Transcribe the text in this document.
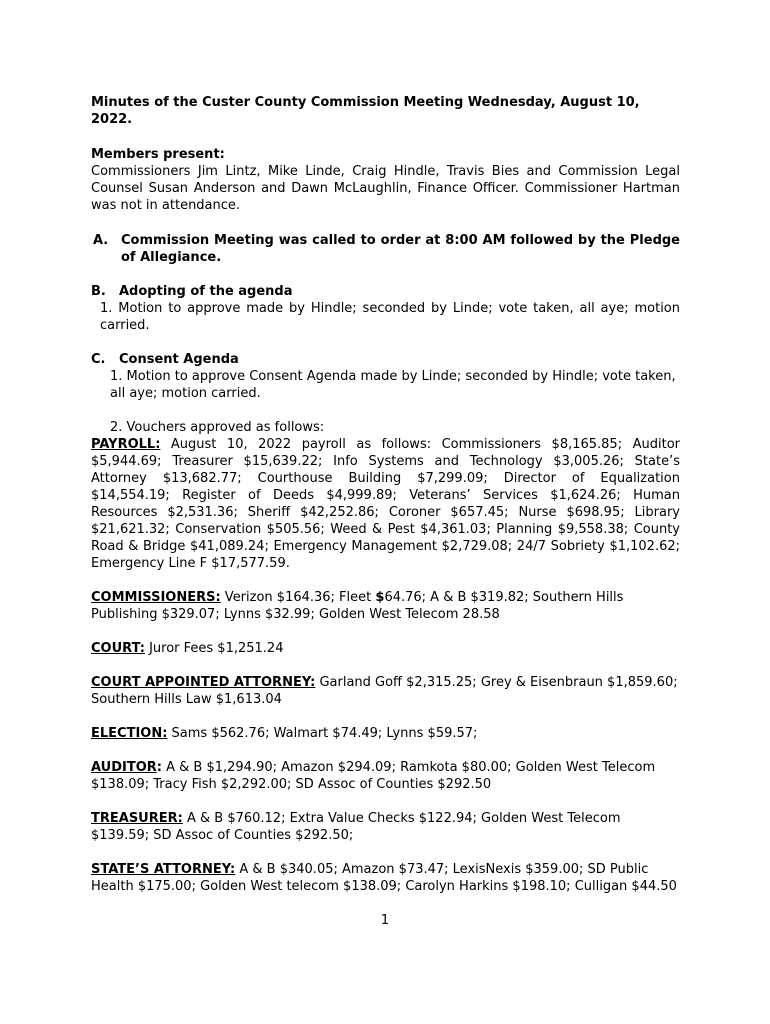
Minutes of the Custer County Commission Meeting Wednesday, August 10, 2022.

Members present:

Commissioners Jim Lintz, Mike Linde, Craig Hindle, Travis Bies and Commission Legal Counsel Susan Anderson and Dawn McLaughlin, Finance Officer. Commissioner Hartman was not in attendance.

A. Commission Meeting was called to order at 8:00 AM followed by the Pledge of Allegiance.
B.	Adopting of the agenda
1. Motion to approve made by Hindle; seconded by Linde; vote taken, all aye; motion carried.
C.	Consent Agenda
1. Motion to approve Consent Agenda made by Linde; seconded by Hindle; vote taken, all aye; motion carried.
2. Vouchers approved as follows:

PAYROLL: August 10, 2022 payroll as follows: Commissioners $8,165.85; Auditor $5,944.69; Treasurer $15,639.22; Info Systems and Technology $3,005.26; State’s Attorney $13,682.77; Courthouse Building $7,299.09; Director of Equalization $14,554.19; Register of Deeds $4,999.89; Veterans’ Services $1,624.26; Human Resources $2,531.36; Sheriff $42,252.86; Coroner $657.45; Nurse $698.95; Library $21,621.32; Conservation $505.56; Weed & Pest $4,361.03; Planning $9,558.38; County Road & Bridge $41,089.24; Emergency Management $2,729.08; 24/7 Sobriety $1,102.62; Emergency Line F $17,577.59.

COMMISSIONERS: Verizon $164.36; Fleet $64.76; A & B $319.82; Southern Hills Publishing $329.07; Lynns $32.99; Golden West Telecom 28.58

COURT: Juror Fees $1,251.24

COURT APPOINTED ATTORNEY: Garland Goff $2,315.25; Grey & Eisenbraun $1,859.60; Southern Hills Law $1,613.04

ELECTION: Sams $562.76; Walmart $74.49; Lynns $59.57;

AUDITOR: A & B $1,294.90; Amazon $294.09; Ramkota $80.00; Golden West Telecom $138.09; Tracy Fish $2,292.00; SD Assoc of Counties $292.50

TREASURER: A & B $760.12; Extra Value Checks $122.94; Golden West Telecom $139.59; SD Assoc of Counties $292.50;

STATE’S ATTORNEY: A & B $340.05; Amazon $73.47; LexisNexis $359.00; SD Public Health $175.00; Golden West telecom $138.09; Carolyn Harkins $198.10; Culligan $44.50

1
